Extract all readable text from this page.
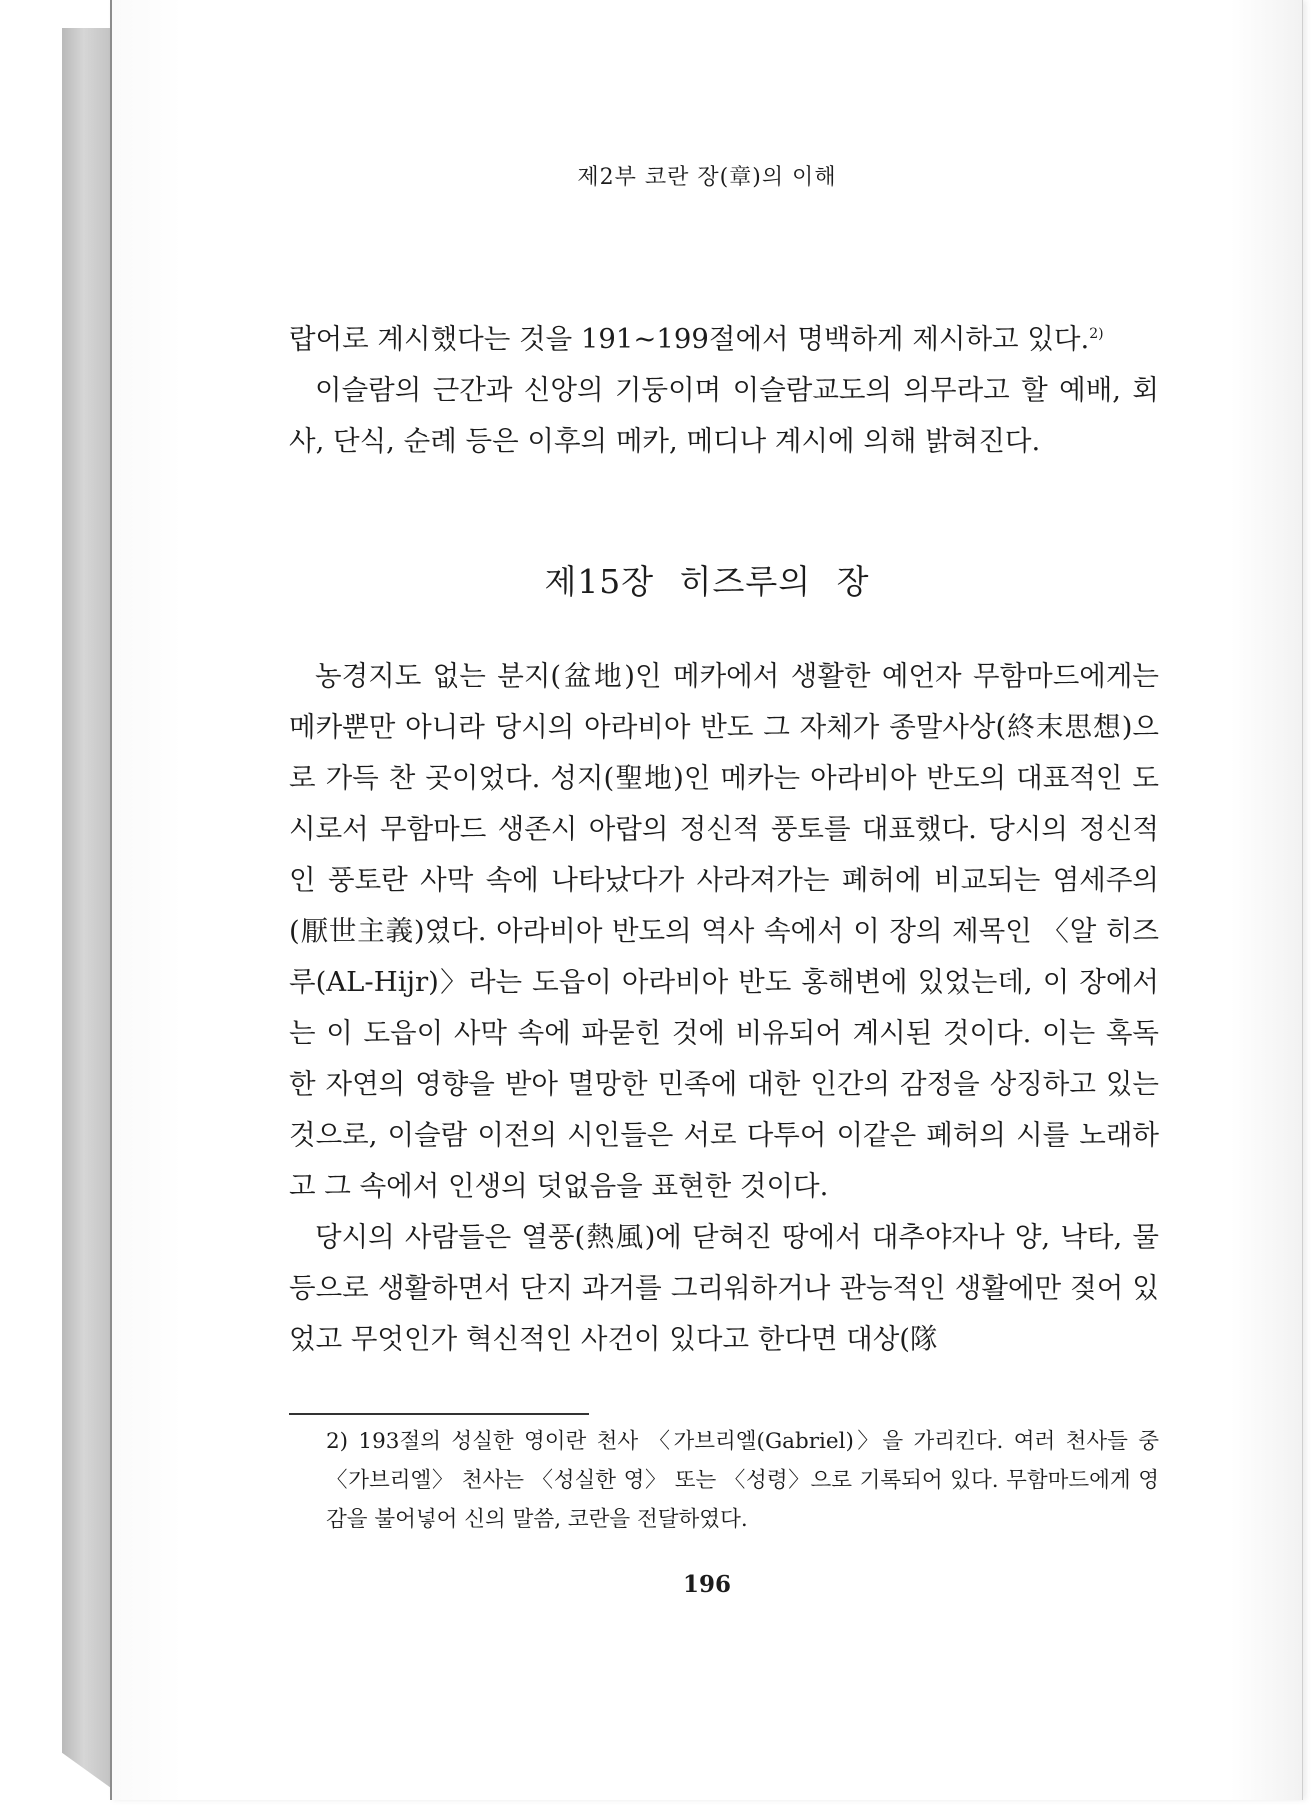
제2부 코란 장(章)의 이해

랍어로 계시했다는 것을 191~199절에서 명백하게 제시하고 있다.$^{2)}$

이슬람의 근간과 신앙의 기둥이며 이슬람교도의 의무라고 할 예배, 회사, 단식, 순례 등은 이후의 메카, 메디나 계시에 의해 밝혀진다.

제15장 히즈루의 장

농경지도 없는 분지(盆地)인 메카에서 생활한 예언자 무함마드에게는 메카뿐만 아니라 당시의 아라비아 반도 그 자체가 종말사상(終末思想)으로 가득 찬 곳이었다. 성지(聖地)인 메카는 아라비아 반도의 대표적인 도시로서 무함마드 생존시 아랍의 정신적 풍토를 대표했다. 당시의 정신적인 풍토란 사막 속에 나타났다가 사라져가는 폐허에 비교되는 염세주의(厭世主義)였다. 아라비아 반도의 역사 속에서 이 장의 제목인 〈알 히즈루(AL-Hijr)〉라는 도읍이 아라비아 반도 홍해변에 있었는데, 이 장에서는 이 도읍이 사막 속에 파묻힌 것에 비유되어 계시된 것이다. 이는 혹독한 자연의 영향을 받아 멸망한 민족에 대한 인간의 감정을 상징하고 있는 것으로, 이슬람 이전의 시인들은 서로 다투어 이같은 폐허의 시를 노래하고 그 속에서 인생의 덧없음을 표현한 것이다.

당시의 사람들은 열풍(熱風)에 닫혀진 땅에서 대추야자나 양, 낙타, 물 등으로 생활하면서 단지 과거를 그리워하거나 관능적인 생활에만 젖어 있었고 무엇인가 혁신적인 사건이 있다고 한다면 대상(隊

2) 193절의 성실한 영이란 천사 〈가브리엘(Gabriel)〉을 가리킨다. 여러 천사들 중 〈가브리엘〉 천사는 〈성실한 영〉 또는 〈성령〉으로 기록되어 있다. 무함마드에게 영감을 불어넣어 신의 말씀, 코란을 전달하였다.

196
